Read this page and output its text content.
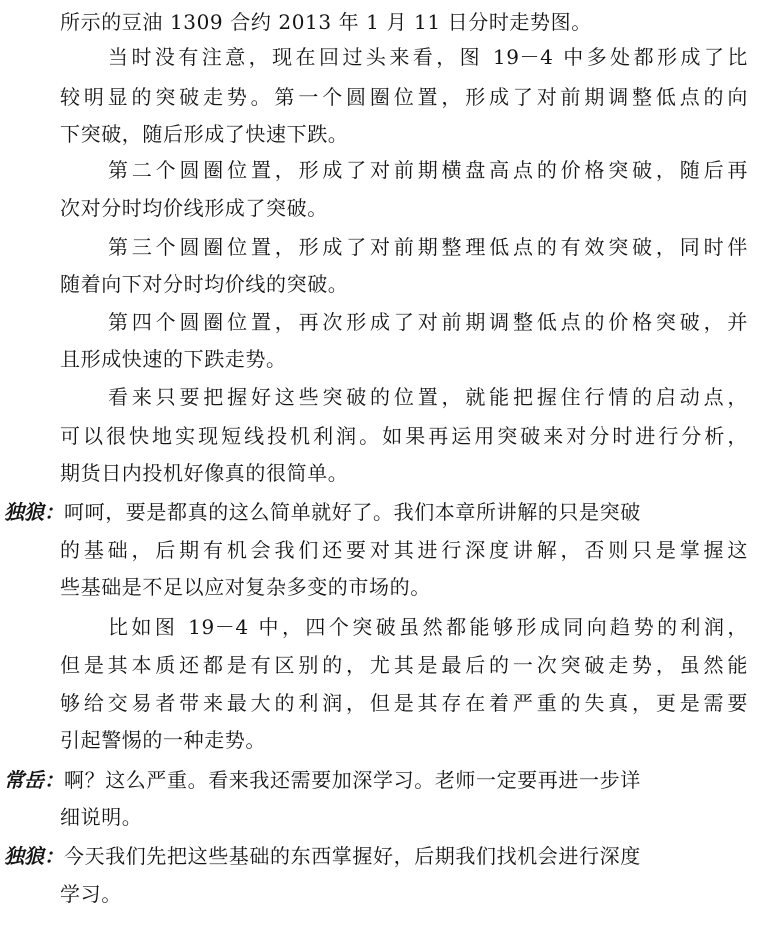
所示的豆油 1309 合约 2013 年 1 月 11 日分时走势图。
当时没有注意，现在回过头来看，图 19－4 中多处都形成了比
较明显的突破走势。第一个圆圈位置，形成了对前期调整低点的向
下突破，随后形成了快速下跌。
第二个圆圈位置，形成了对前期横盘高点的价格突破，随后再
次对分时均价线形成了突破。
第三个圆圈位置，形成了对前期整理低点的有效突破，同时伴
随着向下对分时均价线的突破。
第四个圆圈位置，再次形成了对前期调整低点的价格突破，并
且形成快速的下跌走势。
看来只要把握好这些突破的位置，就能把握住行情的启动点，
可以很快地实现短线投机利润。如果再运用突破来对分时进行分析，
期货日内投机好像真的很简单。
独狼：呵呵，要是都真的这么简单就好了。我们本章所讲解的只是突破
的基础，后期有机会我们还要对其进行深度讲解，否则只是掌握这
些基础是不足以应对复杂多变的市场的。
比如图 19－4 中，四个突破虽然都能够形成同向趋势的利润，
但是其本质还都是有区别的，尤其是最后的一次突破走势，虽然能
够给交易者带来最大的利润，但是其存在着严重的失真，更是需要
引起警惕的一种走势。
常岳：啊？这么严重。看来我还需要加深学习。老师一定要再进一步详
细说明。
独狼：今天我们先把这些基础的东西掌握好，后期我们找机会进行深度
学习。
